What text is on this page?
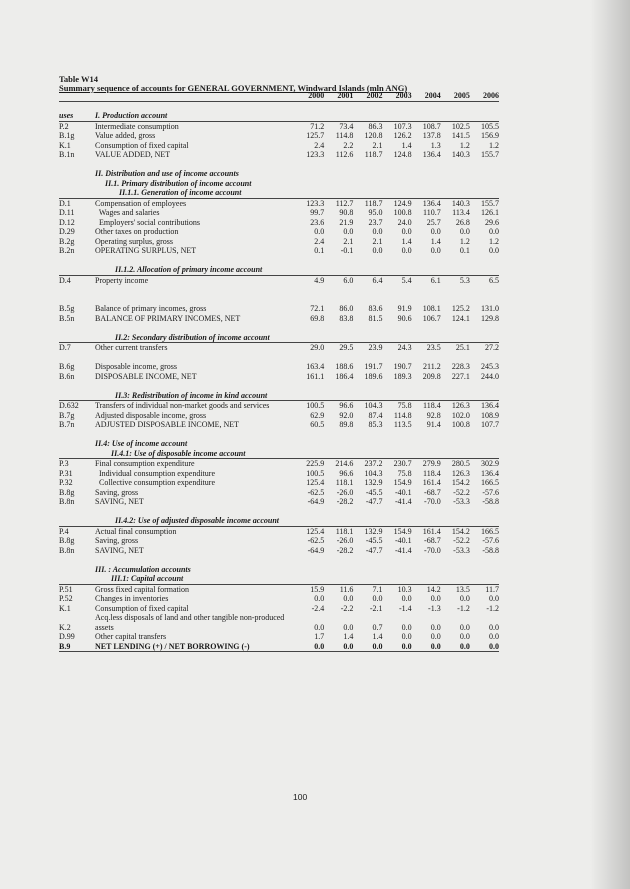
Table W14
Summary sequence of accounts for GENERAL GOVERNMENT, Windward Islands (mln ANG)
		2000	2001	2002	2003	2004	2005	2006

uses	I. Production account							
P.2	Intermediate consumption	71.2	73.4	86.3	107.3	108.7	102.5	105.5
B.1g	Value added, gross	125.7	114.8	120.8	126.2	137.8	141.5	156.9
K.1	Consumption of fixed capital	2.4	2.2	2.1	1.4	1.3	1.2	1.2
B.1n	VALUE ADDED, NET	123.3	112.6	118.7	124.8	136.4	140.3	155.7

	II. Distribution and use of income accounts							
	II.1. Primary distribution of income account							
	II.1.1. Generation of income account							
D.1	Compensation of employees	123.3	112.7	118.7	124.9	136.4	140.3	155.7
D.11	Wages and salaries	99.7	90.8	95.0	100.8	110.7	113.4	126.1
D.12	Employers' social contributions	23.6	21.9	23.7	24.0	25.7	26.8	29.6
D.29	Other taxes on production	0.0	0.0	0.0	0.0	0.0	0.0	0.0
B.2g	Operating surplus, gross	2.4	2.1	2.1	1.4	1.4	1.2	1.2
B.2n	OPERATING SURPLUS, NET	0.1	-0.1	0.0	0.0	0.0	0.1	0.0

	II.1.2. Allocation of primary income account							
D.4	Property income	4.9	6.0	6.4	5.4	6.1	5.3	6.5

B.5g	Balance of primary incomes, gross	72.1	86.0	83.6	91.9	108.1	125.2	131.0
B.5n	BALANCE OF PRIMARY INCOMES, NET	69.8	83.8	81.5	90.6	106.7	124.1	129.8

	II.2: Secondary distribution of income account							
D.7	Other current transfers	29.0	29.5	23.9	24.3	23.5	25.1	27.2

B.6g	Disposable income, gross	163.4	188.6	191.7	190.7	211.2	228.3	245.3
B.6n	DISPOSABLE INCOME, NET	161.1	186.4	189.6	189.3	209.8	227.1	244.0

	II.3: Redistribution of income in kind account							
D.632	Transfers of individual non-market goods and services	100.5	96.6	104.3	75.8	118.4	126.3	136.4
B.7g	Adjusted disposable income, gross	62.9	92.0	87.4	114.8	92.8	102.0	108.9
B.7n	ADJUSTED DISPOSABLE INCOME, NET	60.5	89.8	85.3	113.5	91.4	100.8	107.7

	II.4: Use of income account							
	II.4.1: Use of disposable income account							
P.3	Final consumption expenditure	225.9	214.6	237.2	230.7	279.9	280.5	302.9
P.31	Individual consumption expenditure	100.5	96.6	104.3	75.8	118.4	126.3	136.4
P.32	Collective consumption expenditure	125.4	118.1	132.9	154.9	161.4	154.2	166.5
B.8g	Saving, gross	-62.5	-26.0	-45.5	-40.1	-68.7	-52.2	-57.6
B.8n	SAVING, NET	-64.9	-28.2	-47.7	-41.4	-70.0	-53.3	-58.8

	II.4.2: Use of adjusted disposable income account							
P.4	Actual final consumption	125.4	118.1	132.9	154.9	161.4	154.2	166.5
B.8g	Saving, gross	-62.5	-26.0	-45.5	-40.1	-68.7	-52.2	-57.6
B.8n	SAVING, NET	-64.9	-28.2	-47.7	-41.4	-70.0	-53.3	-58.8

	III. : Accumulation accounts							
	III.1: Capital account							
P.51	Gross fixed capital formation	15.9	11.6	7.1	10.3	14.2	13.5	11.7
P.52	Changes in inventories	0.0	0.0	0.0	0.0	0.0	0.0	0.0
K.1	Consumption of fixed capital	-2.4	-2.2	-2.1	-1.4	-1.3	-1.2	-1.2
	Acq.less disposals of land and other tangible non-produced							
K.2	assets	0.0	0.0	0.7	0.0	0.0	0.0	0.0
D.99	Other capital transfers	1.7	1.4	1.4	0.0	0.0	0.0	0.0
B.9	NET LENDING (+) / NET BORROWING (-)	0.0	0.0	0.0	0.0	0.0	0.0	0.0
100
